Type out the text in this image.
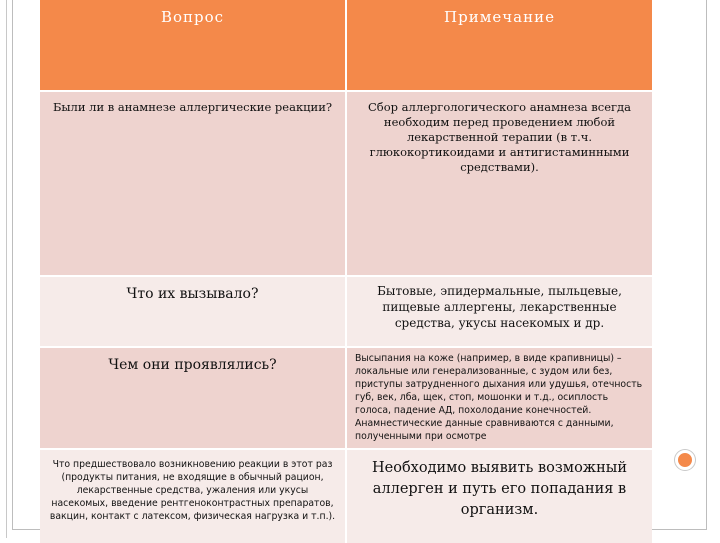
Вопрос	Примечание
Были ли в анамнезе аллергические реакции?	Сбор аллергологического анамнеза всегда необходим перед проведением любой лекарственной терапии (в т.ч. глюкокортикоидами и антигистаминными средствами).
Что их вызывало?	Бытовые, эпидермальные, пыльцевые, пищевые аллергены, лекарственные средства, укусы насекомых и др.
Чем они проявлялись?	Высыпания на коже (например, в виде крапивницы) – локальные или генерализованные, с зудом или без, приступы затрудненного дыхания или удушья, отечность губ, век, лба, щек, стоп, мошонки и т.д., осиплость голоса, падение АД, похолодание конечностей. Анамнестические данные сравниваются с данными, полученными при осмотре
Что предшествовало возникновению реакции в этот раз (продукты питания, не входящие в обычный рацион, лекарственные средства, ужаления или укусы насекомых, введение рентгеноконтрастных препаратов, вакцин, контакт с латексом, физическая нагрузка и т.п.).	Необходимо выявить возможный аллерген и путь его попадания в организм.
